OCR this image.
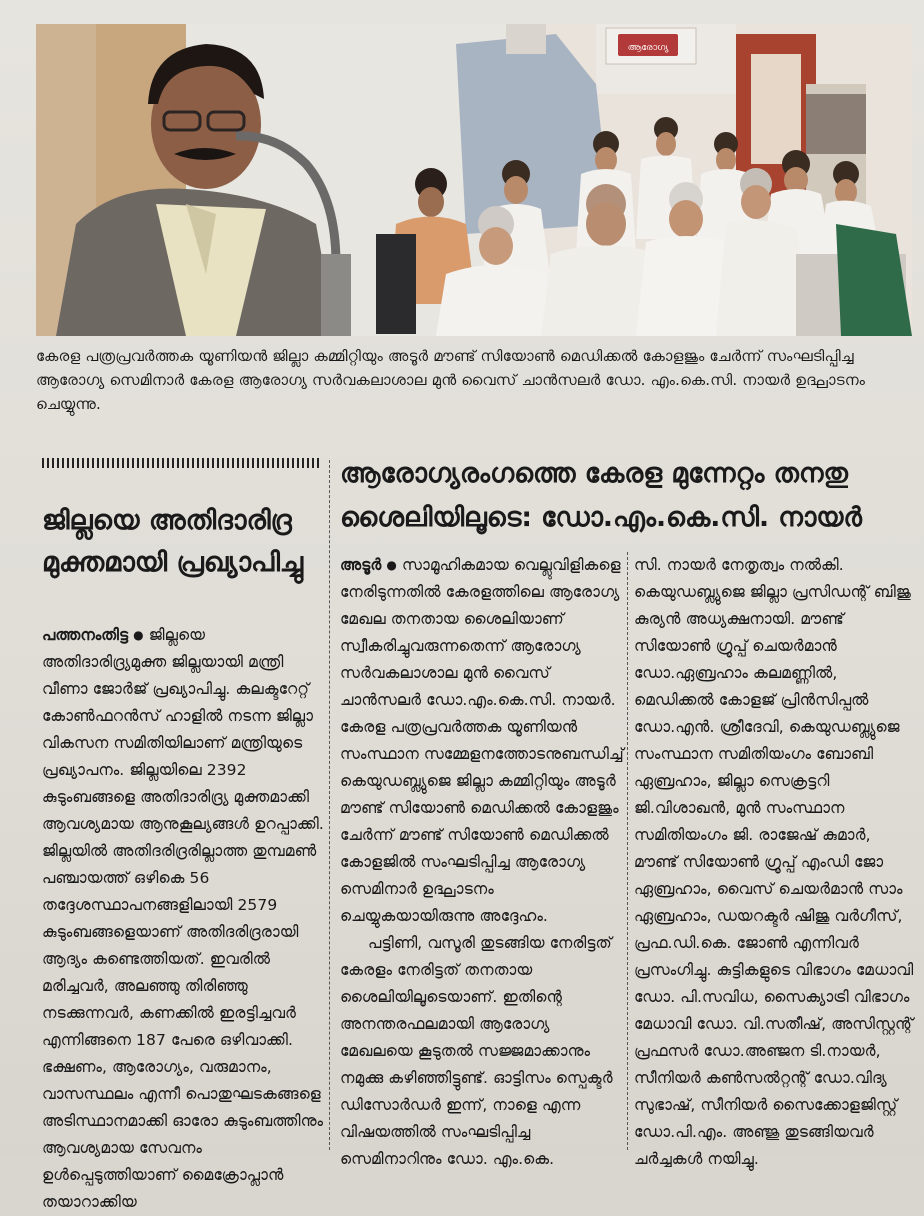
ആരോഗ്യ
കേരള പത്രപ്രവർത്തക യൂണിയൻ ജില്ലാ കമ്മിറ്റിയും അടൂർ മൗണ്ട് സിയോൺ മെഡിക്കൽ കോളജും ചേർന്ന് സംഘടിപ്പിച്ച ആരോഗ്യ സെമിനാർ കേരള ആരോഗ്യ സർവകലാശാല മുൻ വൈസ് ചാൻസലർ ഡോ. എം.കെ.സി. നായർ ഉദ്ഘാടനം ചെയ്യുന്നു.
ജില്ലയെ അതിദാരിദ്ര മുക്തമായി പ്രഖ്യാപിച്ചു
പത്തനംതിട്ട ● ജില്ലയെ അതിദാരിദ്ര്യമുക്ത ജില്ലയായി മന്ത്രി വീണാ ജോർജ് പ്രഖ്യാപിച്ചു. കലക്ടറേറ്റ് കോൺഫറൻസ് ഹാളിൽ നടന്ന ജില്ലാ വികസന സമിതിയിലാണ് മന്ത്രിയുടെ പ്രഖ്യാപനം. ജില്ലയിലെ 2392 കുടുംബങ്ങളെ അതിദാരിദ്ര്യ മുക്തമാക്കി ആവശ്യമായ ആനുകൂല്യങ്ങൾ ഉറപ്പാക്കി. ജില്ലയിൽ അതിദരിദ്രരില്ലാത്ത തുമ്പമൺ പഞ്ചായത്ത് ഒഴികെ 56 തദ്ദേശസ്ഥാപനങ്ങളിലായി 2579 കുടുംബങ്ങളെയാണ് അതിദരിദ്രരായി ആദ്യം കണ്ടെത്തിയത്. ഇവരിൽ മരിച്ചവർ, അലഞ്ഞു തിരിഞ്ഞു നടക്കുന്നവർ, കണക്കിൽ ഇരട്ടിച്ചവർ എന്നിങ്ങനെ 187 പേരെ ഒഴിവാക്കി. ഭക്ഷണം, ആരോഗ്യം, വരുമാനം, വാസസ്ഥലം എന്നീ പൊതുഘടകങ്ങളെ അടിസ്ഥാനമാക്കി ഓരോ കുടുംബത്തിനും ആവശ്യമായ സേവനം ഉൾപ്പെടുത്തിയാണ് മൈക്രോപ്ലാൻ തയാറാക്കിയ
ആരോഗ്യരംഗത്തെ കേരള മുന്നേറ്റം തനതു ശൈലിയിലൂടെ: ഡോ.എം.കെ.സി. നായർ
അടൂർ ● സാമൂഹികമായ വെല്ലുവിളികളെ നേരിടുന്നതിൽ കേരളത്തിലെ ആരോഗ്യ മേഖല തനതായ ശൈലിയാണ് സ്വീകരിച്ചുവരുന്നതെന്ന് ആരോഗ്യ സർവകലാശാല മുൻ വൈസ് ചാൻസലർ ഡോ.എം.കെ.സി. നായർ. കേരള പത്രപ്രവർത്തക യൂണിയൻ സംസ്ഥാന സമ്മേളനത്തോടനുബന്ധിച്ച് കെയുഡബ്ല്യുജെ ജില്ലാ കമ്മിറ്റിയും അടൂർ മൗണ്ട് സിയോൺ മെഡിക്കൽ കോളജും ചേർന്ന് മൗണ്ട് സിയോൺ മെഡിക്കൽ കോളജിൽ സംഘടിപ്പിച്ച ആരോഗ്യ സെമിനാർ ഉദ്ഘാടനം ചെയ്യുകയായിരുന്നു അദ്ദേഹം.
പട്ടിണി, വസൂരി തുടങ്ങിയ നേരിട്ടത് കേരളം നേരിട്ടത് തനതായ ശൈലിയിലൂടെയാണ്. ഇതിന്റെ അനന്തരഫലമായി ആരോഗ്യ മേഖലയെ കൂടുതൽ സജ്ജമാക്കാനും നമുക്കു കഴിഞ്ഞിട്ടുണ്ട്. ഓട്ടിസം സ്പെക്ടർ ഡിസോർഡർ ഇന്ന്, നാളെ എന്ന വിഷയത്തിൽ സംഘടിപ്പിച്ച സെമിനാറിനും ഡോ. എം.കെ.
സി. നായർ നേതൃത്വം നൽകി. കെയുഡബ്ല്യുജെ ജില്ലാ പ്രസിഡന്റ് ബിജു കുര്യൻ അധ്യക്ഷനായി. മൗണ്ട് സിയോൺ ഗ്രൂപ്പ് ചെയർമാൻ ഡോ.ഏബ്രഹാം കലമണ്ണിൽ, മെഡിക്കൽ കോളജ് പ്രിൻസിപ്പൽ ഡോ.എൻ. ശ്രീദേവി, കെയുഡബ്ല്യുജെ സംസ്ഥാന സമിതിയംഗം ബോബി ഏബ്രഹാം, ജില്ലാ സെക്രട്ടറി ജി.വിശാഖൻ, മുൻ സംസ്ഥാന സമിതിയംഗം ജി. രാജേഷ് കുമാർ, മൗണ്ട് സിയോൺ ഗ്രൂപ്പ് എംഡി ജോ ഏബ്രഹാം, വൈസ് ചെയർമാൻ സാം ഏബ്രഹാം, ഡയറക്ടർ ഷിജു വർഗീസ്, പ്രഫ.ഡി.കെ. ജോൺ എന്നിവർ പ്രസംഗിച്ചു. കുട്ടികളുടെ വിഭാഗം മേധാവി ഡോ. പി.സവിധ, സൈക്യാട്രി വിഭാഗം മേധാവി ഡോ. വി.സതീഷ്, അസിസ്റ്റന്റ് പ്രഫസർ ഡോ.അഞ്ജന ടി.നായർ, സീനിയർ കൺസൽറ്റന്റ് ഡോ.വിദ്യ സുഭാഷ്, സീനിയർ സൈക്കോളജിസ്റ്റ് ഡോ.പി.എം. അഞ്ജു തുടങ്ങിയവർ ചർച്ചകൾ നയിച്ചു.
